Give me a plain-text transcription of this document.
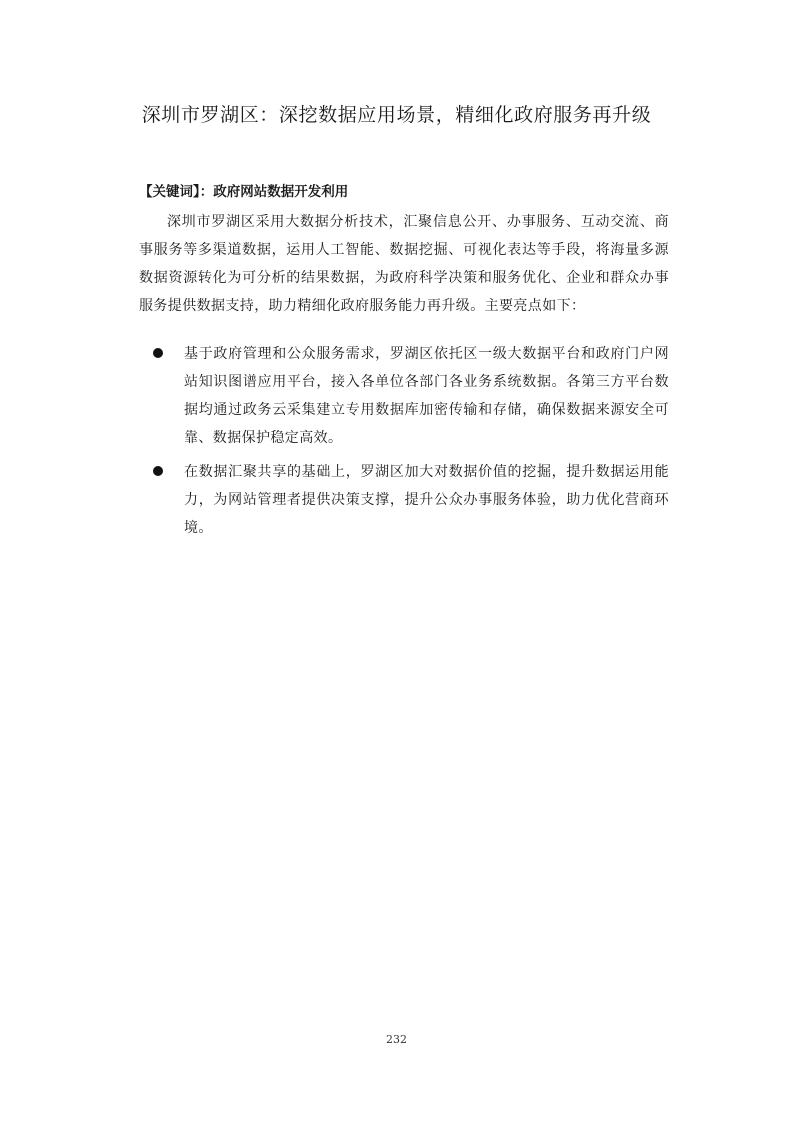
深圳市罗湖区：深挖数据应用场景，精细化政府服务再升级
【关键词】：政府网站数据开发利用

深圳市罗湖区采用大数据分析技术，汇聚信息公开、办事服务、互动交流、商事服务等多渠道数据，运用人工智能、数据挖掘、可视化表达等手段，将海量多源数据资源转化为可分析的结果数据，为政府科学决策和服务优化、企业和群众办事服务提供数据支持，助力精细化政府服务能力再升级。主要亮点如下：

基于政府管理和公众服务需求，罗湖区依托区一级大数据平台和政府门户网站知识图谱应用平台，接入各单位各部门各业务系统数据。各第三方平台数据均通过政务云采集建立专用数据库加密传输和存储，确保数据来源安全可靠、数据保护稳定高效。
在数据汇聚共享的基础上，罗湖区加大对数据价值的挖掘，提升数据运用能力，为网站管理者提供决策支撑，提升公众办事服务体验，助力优化营商环境。
232
